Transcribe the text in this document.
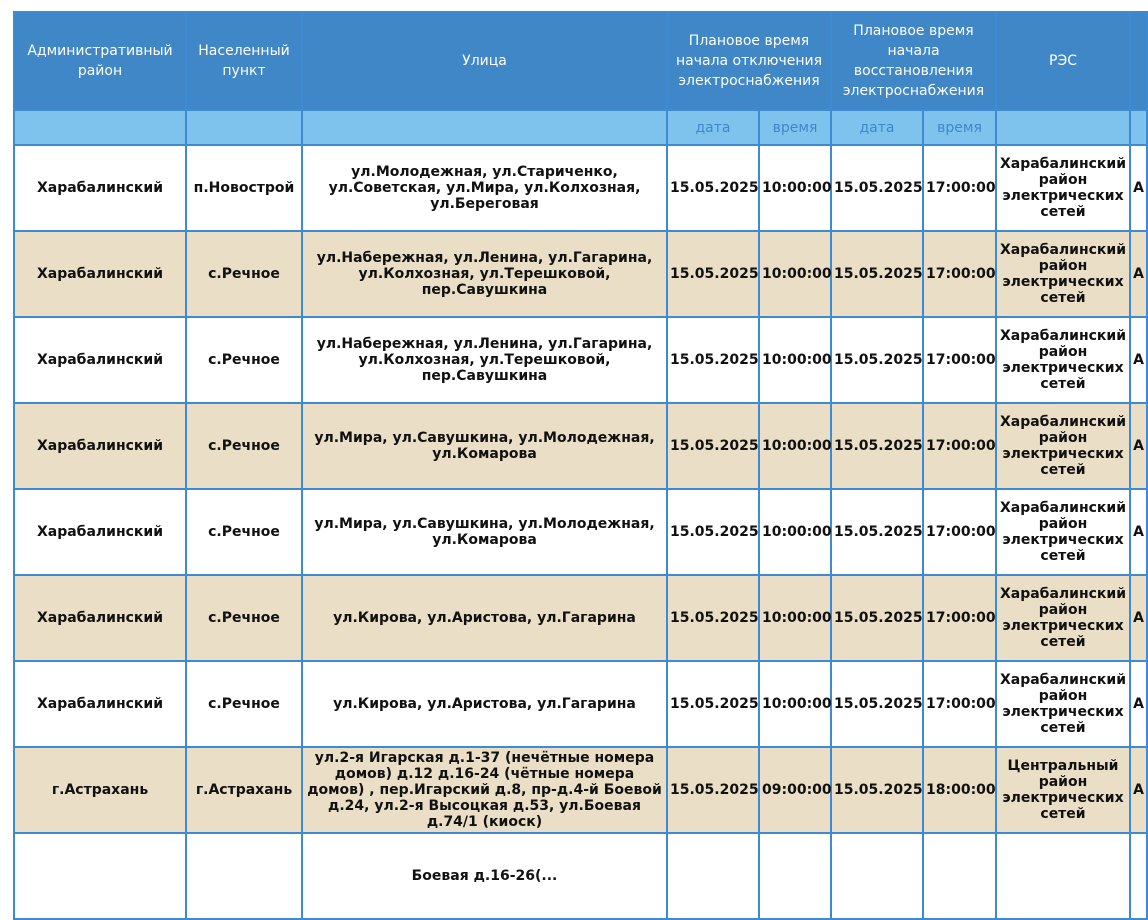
Административный район	Населенный пункт	Улица	Плановое время начала отключения электроснабжения		Плановое время начала восстановления электроснабжения		РЭС	
			дата	время	дата	время		
Харабалинский	п.Новострой	ул.Молодежная, ул.Стариченко, ул.Советская, ул.Мира, ул.Колхозная, ул.Береговая	15.05.2025	10:00:00	15.05.2025	17:00:00	Харабалинский район электрических сетей	А
Харабалинский	с.Речное	ул.Набережная, ул.Ленина, ул.Гагарина, ул.Колхозная, ул.Терешковой, пер.Савушкина	15.05.2025	10:00:00	15.05.2025	17:00:00	Харабалинский район электрических сетей	А
Харабалинский	с.Речное	ул.Набережная, ул.Ленина, ул.Гагарина, ул.Колхозная, ул.Терешковой, пер.Савушкина	15.05.2025	10:00:00	15.05.2025	17:00:00	Харабалинский район электрических сетей	А
Харабалинский	с.Речное	ул.Мира, ул.Савушкина, ул.Молодежная, ул.Комарова	15.05.2025	10:00:00	15.05.2025	17:00:00	Харабалинский район электрических сетей	А
Харабалинский	с.Речное	ул.Мира, ул.Савушкина, ул.Молодежная, ул.Комарова	15.05.2025	10:00:00	15.05.2025	17:00:00	Харабалинский район электрических сетей	А
Харабалинский	с.Речное	ул.Кирова, ул.Аристова, ул.Гагарина	15.05.2025	10:00:00	15.05.2025	17:00:00	Харабалинский район электрических сетей	А
Харабалинский	с.Речное	ул.Кирова, ул.Аристова, ул.Гагарина	15.05.2025	10:00:00	15.05.2025	17:00:00	Харабалинский район электрических сетей	А
г.Астрахань	г.Астрахань	ул.2-я Игарская д.1-37 (нечётные номера домов) д.12 д.16-24 (чётные номера домов) , пер.Игарский д.8, пр-д.4-й Боевой д.24, ул.2-я Высоцкая д.53, ул.Боевая д.74/1 (киоск)	15.05.2025	09:00:00	15.05.2025	18:00:00	Центральный район электрических сетей	А
		Боевая д.16-26(...						
